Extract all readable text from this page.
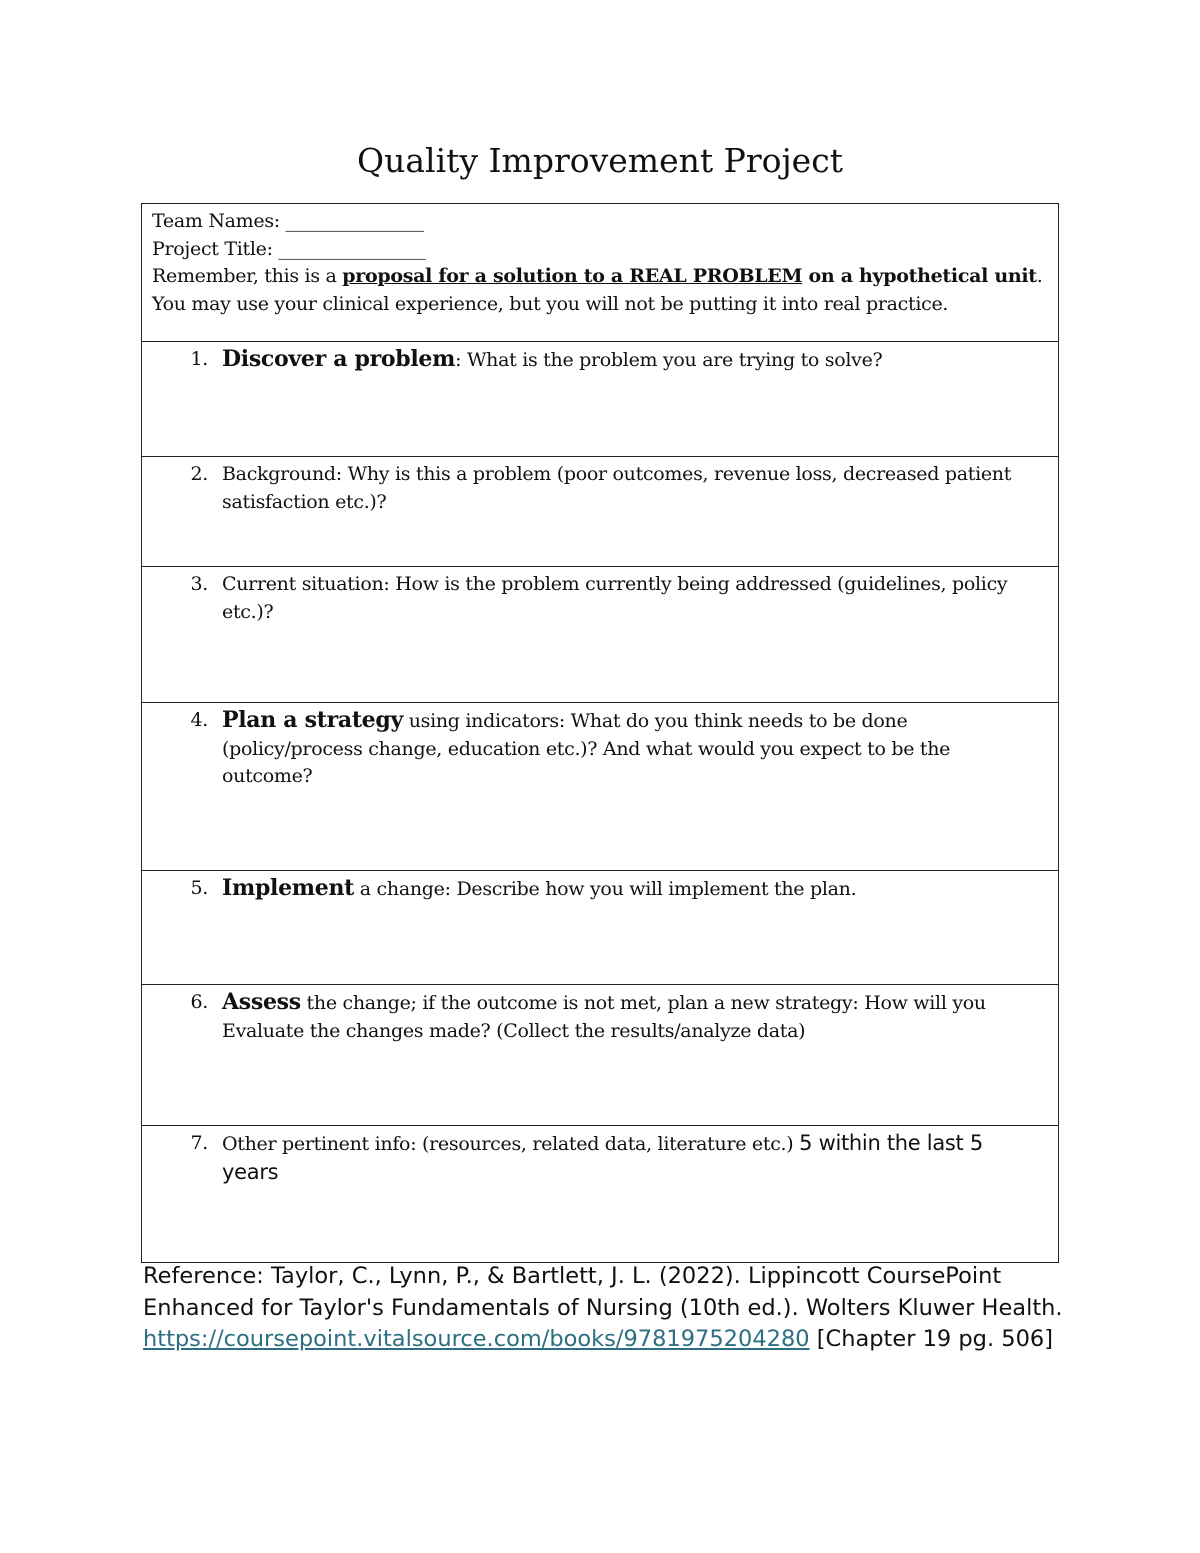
Quality Improvement Project
Team Names: _______________
Project Title: ________________
Remember, this is a proposal for a solution to a REAL PROBLEM on a hypothetical unit.
You may use your clinical experience, but you will not be putting it into real practice.
1. Discover a problem: What is the problem you are trying to solve?
2. Background: Why is this a problem (poor outcomes, revenue loss, decreased patient satisfaction etc.)?
3. Current situation: How is the problem currently being addressed (guidelines, policy etc.)?
4. Plan a strategy using indicators: What do you think needs to be done (policy/process change, education etc.)? And what would you expect to be the outcome?
5. Implement a change: Describe how you will implement the plan.
6. Assess the change; if the outcome is not met, plan a new strategy: How will you Evaluate the changes made? (Collect the results/analyze data)
7. Other pertinent info: (resources, related data, literature etc.) 5 within the last 5 years
Reference: Taylor, C., Lynn, P., & Bartlett, J. L. (2022). Lippincott CoursePoint Enhanced for Taylor's Fundamentals of Nursing (10th ed.). Wolters Kluwer Health. https://coursepoint.vitalsource.com/books/9781975204280 [Chapter 19 pg. 506]
